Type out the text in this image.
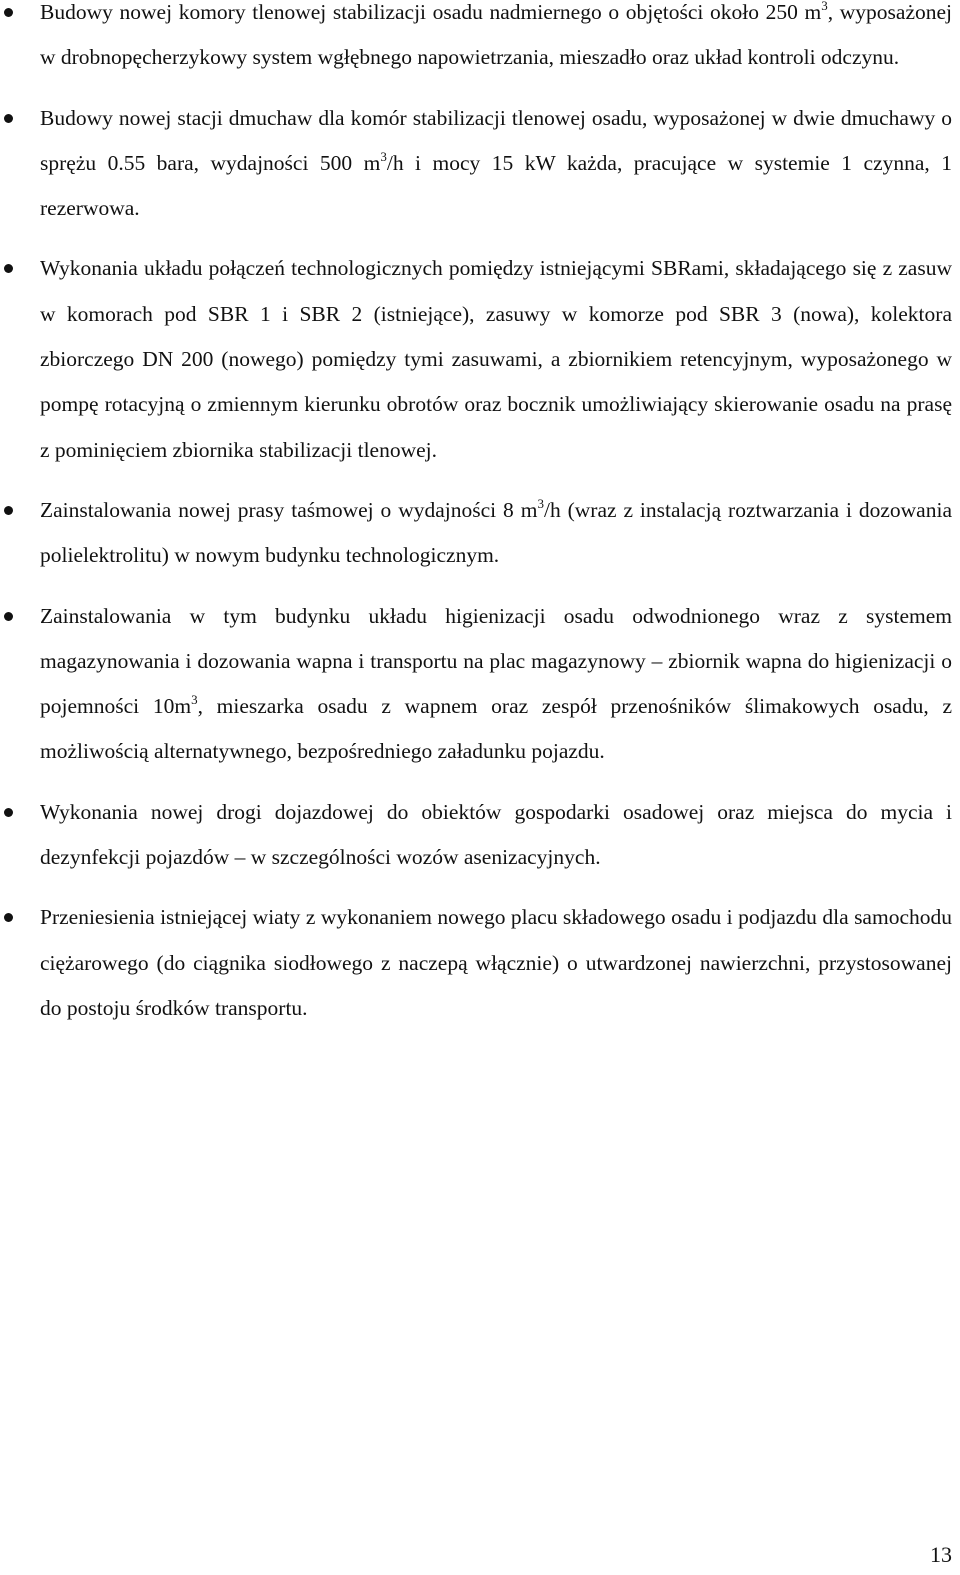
Budowy nowej komory tlenowej stabilizacji osadu nadmiernego o objętości około 250 $m^3$, wyposażonej w drobnopęcherzykowy system wgłębnego napowietrzania, mieszadło oraz układ kontroli odczynu.
Budowy nowej stacji dmuchaw dla komór stabilizacji tlenowej osadu, wyposażonej w dwie dmuchawy o sprężu 0.55 bara, wydajności 500 $m^3/h$ i mocy 15 kW każda, pracujące w systemie 1 czynna, 1 rezerwowa.
Wykonania układu połączeń technologicznych pomiędzy istniejącymi SBRami, składającego się z zasuw w komorach pod SBR 1 i SBR 2 (istniejące), zasuwy w komorze pod SBR 3 (nowa), kolektora zbiorczego DN 200 (nowego) pomiędzy tymi zasuwami, a zbiornikiem retencyjnym, wyposażonego w pompę rotacyjną o zmiennym kierunku obrotów oraz bocznik umożliwiający skierowanie osadu na prasę z pominięciem zbiornika stabilizacji tlenowej.
Zainstalowania nowej prasy taśmowej o wydajności 8 $m^3/h$ (wraz z instalacją roztwarzania i dozowania polielektrolitu) w nowym budynku technologicznym.
Zainstalowania w tym budynku układu higienizacji osadu odwodnionego wraz z systemem magazynowania i dozowania wapna i transportu na plac magazynowy – zbiornik wapna do higienizacji o pojemności $10m^3$, mieszarka osadu z wapnem oraz zespół przenośników ślimakowych osadu, z możliwością alternatywnego, bezpośredniego załadunku pojazdu.
Wykonania nowej drogi dojazdowej do obiektów gospodarki osadowej oraz miejsca do mycia i dezynfekcji pojazdów – w szczególności wozów asenizacyjnych.
Przeniesienia istniejącej wiaty z wykonaniem nowego placu składowego osadu i podjazdu dla samochodu ciężarowego (do ciągnika siodłowego z naczepą włącznie) o utwardzonej nawierzchni, przystosowanej do postoju środków transportu.
13
